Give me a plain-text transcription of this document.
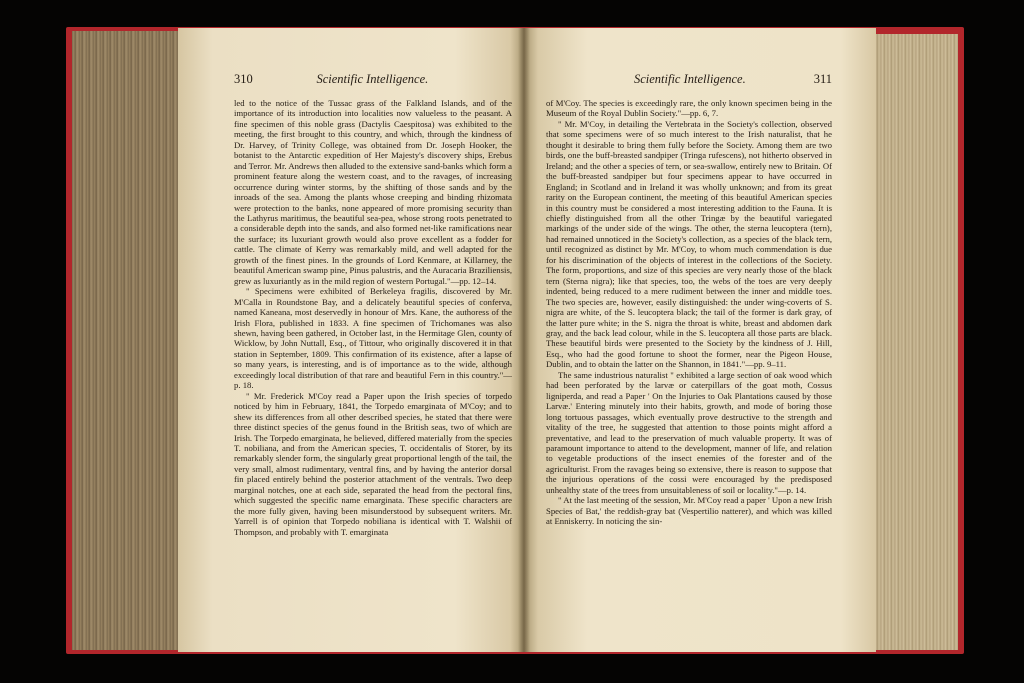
310	Scientific Intelligence.

led to the notice of the Tussac grass of the Falkland Islands, and of the importance of its introduction into localities now valueless to the peasant. A fine specimen of this noble grass (Dactylis Caespitosa) was exhibited to the meeting, the first brought to this country, and which, through the kindness of Dr. Harvey, of Trinity College, was obtained from Dr. Joseph Hooker, the botanist to the Antarctic expedition of Her Majesty's discovery ships, Erebus and Terror. Mr. Andrews then alluded to the extensive sand-banks which form a prominent feature along the western coast, and to the ravages, of increasing occurrence during winter storms, by the shifting of those sands and by the inroads of the sea. Among the plants whose creeping and binding rhizomata were protection to the banks, none appeared of more promising security than the Lathyrus maritimus, the beautiful sea-pea, whose strong roots penetrated to a considerable depth into the sands, and also formed net-like ramifications near the surface; its luxuriant growth would also prove excellent as a fodder for cattle. The climate of Kerry was remarkably mild, and well adapted for the growth of the finest pines. In the grounds of Lord Kenmare, at Killarney, the beautiful American swamp pine, Pinus palustris, and the Auracaria Braziliensis, grew as luxuriantly as in the mild region of western Portugal."—pp. 12–14.

" Specimens were exhibited of Berkeleya fragilis, discovered by Mr. M'Calla in Roundstone Bay, and a delicately beautiful species of conferva, named Kaneana, most deservedly in honour of Mrs. Kane, the authoress of the Irish Flora, published in 1833. A fine specimen of Trichomanes was also shewn, having been gathered, in October last, in the Hermitage Glen, county of Wicklow, by John Nuttall, Esq., of Tittour, who originally discovered it in that station in September, 1809. This confirmation of its existence, after a lapse of so many years, is interesting, and is of importance as to the wide, although exceedingly local distribution of that rare and beautiful Fern in this country."—p. 18.

" Mr. Frederick M'Coy read a Paper upon the Irish species of torpedo noticed by him in February, 1841, the Torpedo emarginata of M'Coy; and to shew its differences from all other described species, he stated that there were three distinct species of the genus found in the British seas, two of which are Irish. The Torpedo emarginata, he believed, differed materially from the species T. nobiliana, and from the American species, T. occidentalis of Storer, by its remarkably slender form, the singularly great proportional length of the tail, the very small, almost rudimentary, ventral fins, and by having the anterior dorsal fin placed entirely behind the posterior attachment of the ventrals. Two deep marginal notches, one at each side, separated the head from the pectoral fins, which suggested the specific name emarginata. These specific characters are the more fully given, having been misunderstood by subsequent writers. Mr. Yarrell is of opinion that Torpedo nobiliana is identical with T. Walshii of Thompson, and probably with T. emarginata

Scientific Intelligence.	311

of M'Coy. The species is exceedingly rare, the only known specimen being in the Museum of the Royal Dublin Society."—pp. 6, 7.

" Mr. M'Coy, in detailing the Vertebrata in the Society's collection, observed that some specimens were of so much interest to the Irish naturalist, that he thought it desirable to bring them fully before the Society. Among them are two birds, one the buff-breasted sandpiper (Tringa rufescens), not hitherto observed in Ireland; and the other a species of tern, or sea-swallow, entirely new to Britain. Of the buff-breasted sandpiper but four specimens appear to have occurred in England; in Scotland and in Ireland it was wholly unknown; and from its great rarity on the European continent, the meeting of this beautiful American species in this country must be considered a most interesting addition to the Fauna. It is chiefly distinguished from all the other Tringæ by the beautiful variegated markings of the under side of the wings. The other, the sterna leucoptera (tern), had remained unnoticed in the Society's collection, as a species of the black tern, until recognized as distinct by Mr. M'Coy, to whom much commendation is due for his discrimination of the objects of interest in the collections of the Society. The form, proportions, and size of this species are very nearly those of the black tern (Sterna nigra); like that species, too, the webs of the toes are very deeply indented, being reduced to a mere rudiment between the inner and middle toes. The two species are, however, easily distinguished: the under wing-coverts of S. nigra are white, of the S. leucoptera black; the tail of the former is dark gray, of the latter pure white; in the S. nigra the throat is white, breast and abdomen dark gray, and the back lead colour, while in the S. leucoptera all those parts are black. These beautiful birds were presented to the Society by the kindness of J. Hill, Esq., who had the good fortune to shoot the former, near the Pigeon House, Dublin, and to obtain the latter on the Shannon, in 1841."—pp. 9–11.

The same industrious naturalist " exhibited a large section of oak wood which had been perforated by the larvæ or caterpillars of the goat moth, Cossus ligniperda, and read a Paper ' On the Injuries to Oak Plantations caused by those Larvæ.' Entering minutely into their habits, growth, and mode of boring those long tortuous passages, which eventually prove destructive to the strength and vitality of the tree, he suggested that attention to those points might afford a preventative, and lead to the preservation of much valuable property. It was of paramount importance to attend to the development, manner of life, and relation to vegetable productions of the insect enemies of the forester and of the agriculturist. From the ravages being so extensive, there is reason to suppose that the injurious operations of the cossi were encouraged by the predisposed unhealthy state of the trees from unsuitableness of soil or locality."—p. 14.

" At the last meeting of the session, Mr. M'Coy read a paper ' Upon a new Irish Species of Bat,' the reddish-gray bat (Vespertilio natterer), and which was killed at Enniskerry. In noticing the sin-
